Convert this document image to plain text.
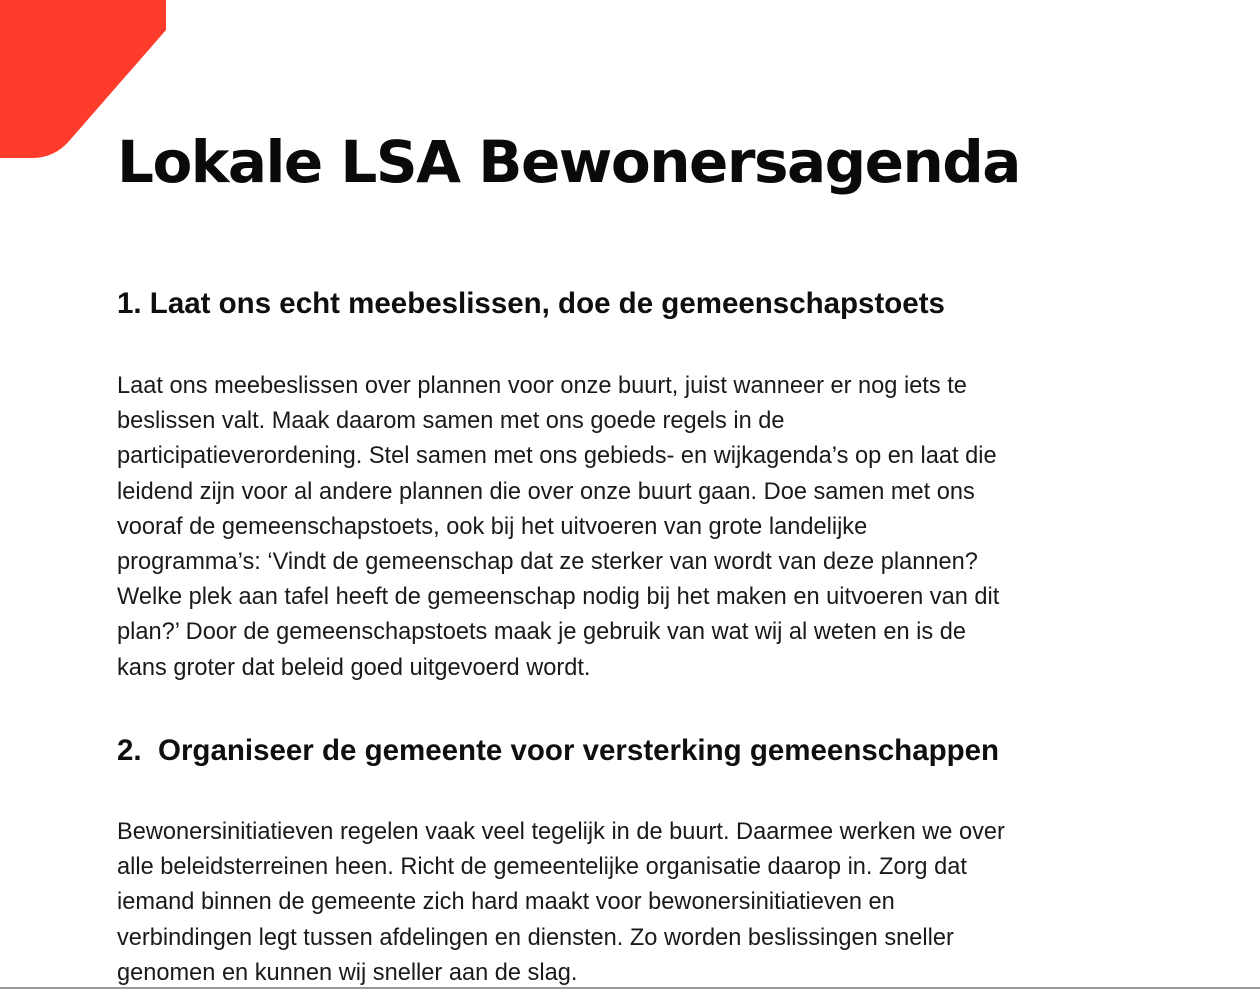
Lokale LSA Bewonersagenda
1. Laat ons echt meebeslissen, doe de gemeenschapstoets
Laat ons meebeslissen over plannen voor onze buurt, juist wanneer er nog iets te
beslissen valt. Maak daarom samen met ons goede regels in de
participatieverordening. Stel samen met ons gebieds- en wijkagenda’s op en laat die
leidend zijn voor al andere plannen die over onze buurt gaan. Doe samen met ons
vooraf de gemeenschapstoets, ook bij het uitvoeren van grote landelijke
programma’s: ‘Vindt de gemeenschap dat ze sterker van wordt van deze plannen?
Welke plek aan tafel heeft de gemeenschap nodig bij het maken en uitvoeren van dit
plan?’ Door de gemeenschapstoets maak je gebruik van wat wij al weten en is de
kans groter dat beleid goed uitgevoerd wordt.
2.  Organiseer de gemeente voor versterking gemeenschappen
Bewonersinitiatieven regelen vaak veel tegelijk in de buurt. Daarmee werken we over
alle beleidsterreinen heen. Richt de gemeentelijke organisatie daarop in. Zorg dat
iemand binnen de gemeente zich hard maakt voor bewonersinitiatieven en
verbindingen legt tussen afdelingen en diensten. Zo worden beslissingen sneller
genomen en kunnen wij sneller aan de slag.
